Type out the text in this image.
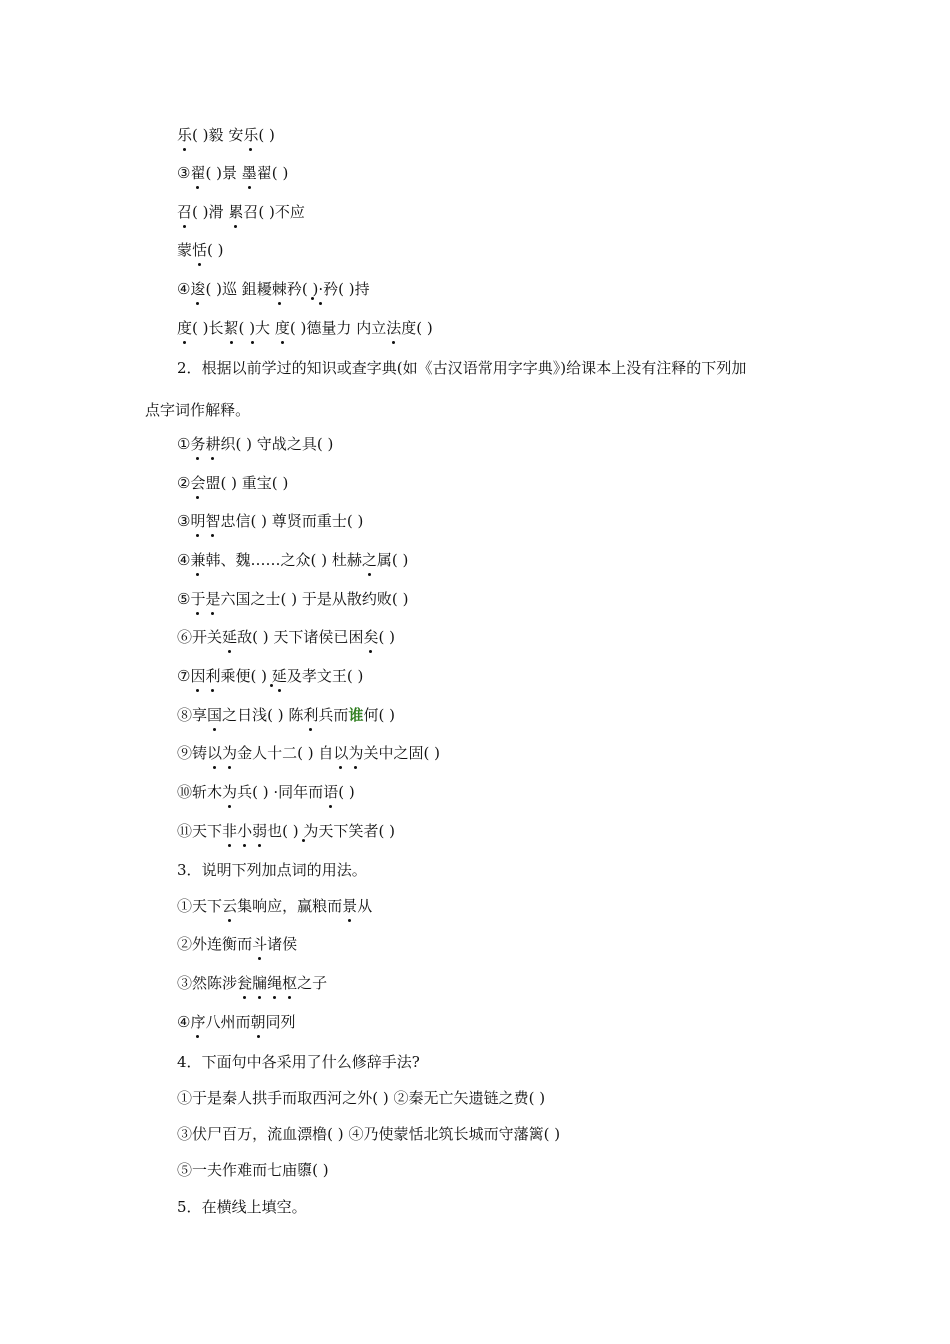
乐( )毅 安乐( )
③翟( )景 墨翟( )
召( )滑 累召( )不应
蒙恬( )
④逡( )巡 鉏耰棘矜( )·矜( )持
度( )长絜( )大 度( )德量力 内立法度( )
2．根据以前学过的知识或查字典(如《古汉语常用字字典》)给课本上没有注释的下列加
点字词作解释。
①务耕织( ) 守战之具( )
②会盟( ) 重宝( )
③明智忠信( ) 尊贤而重士( )
④兼韩、魏……之众( ) 杜赫之属( )
⑤于是六国之士( ) 于是从散约败( )
⑥开关延敌( ) 天下诸侯已困矣( )
⑦因利乘便( ) 延及孝文王( )
⑧享国之日浅( ) 陈利兵而谁何( )
⑨铸以为金人十二( ) 自以为关中之固( )
⑩斩木为兵( ) ·同年而语( )
⑪天下非小弱也( ) 为天下笑者( )
3．说明下列加点词的用法。
①天下云集响应，赢粮而景从
②外连衡而斗诸侯
③然陈涉瓮牖绳枢之子
④序八州而朝同列
4．下面句中各采用了什么修辞手法?
①于是秦人拱手而取西河之外( ) ②秦无亡矢遗链之费( )
③伏尸百万，流血漂橹( ) ④乃使蒙恬北筑长城而守藩篱( )
⑤一夫作难而七庙隳( )
5．在横线上填空。
